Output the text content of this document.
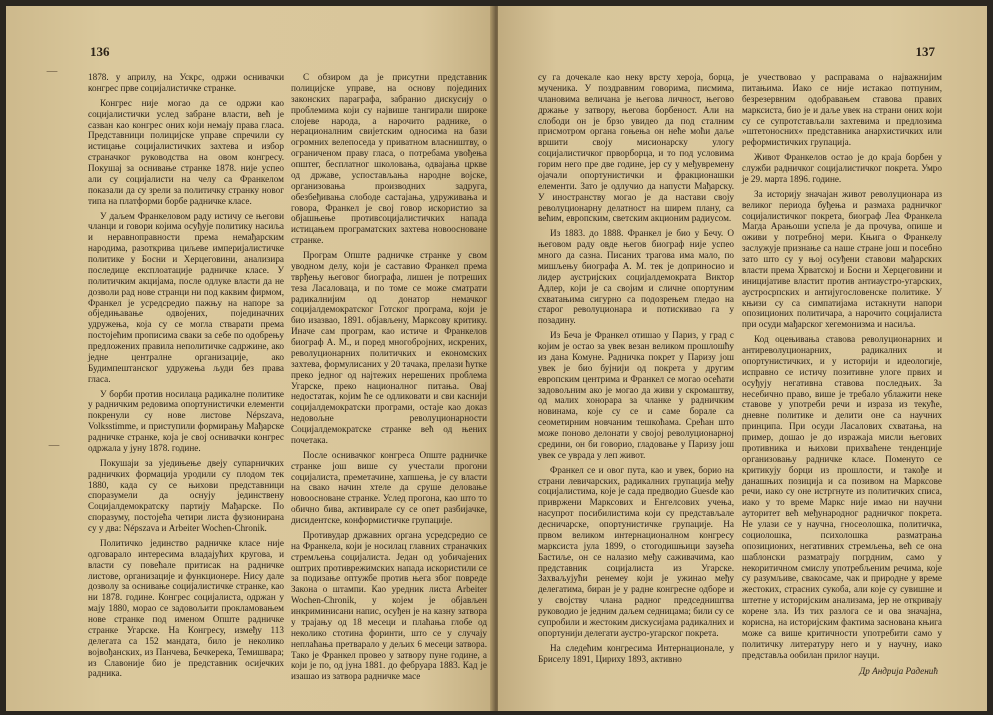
136
—
—

1878. у априлу, на Ускрс, одржи оснивачки конгрес прве социјалистичке странке.

Конгрес није могао да се одржи као социјалистички услед забране власти, већ је сазван као конгрес оних који немају права гласа. Представници полицијске управе спречили су истицање социјалистичких захтева и избор страначког руководства на овом конгресу. Покушај за оснивање странке 1878. није успео али су социјалисти на челу са Франкелом показали да су зрели за политичку странку новог типа на платформи борбе радничке класе.

У даљем Франкеловом раду истичу се његови чланци и говори којима осуђује политику насиља и неравноправности према немађарским народима, разоткрива циљеве империјалистичке политике у Босни и Херцеговини, анализира последице експлоатације радничке класе. У политичким акцијама, после одлуке власти да не дозволи рад нове странци ни под каквим фирмом, Франкел је усредсредио пажњу на напоре за обједињавање одвојених, појединачних удружења, која су се могла стварати према постојећим прописима сваки за себе по одобрењу предложених правила неполитичке садржине, ако једне централне организације, ако Будимпештанског удружења људи без права гласа.

У борби против носилаца радикалне политике у радничким редовима опортунистички елементи покренули су нове листове Népszava, Volksstimme, и приступили формирању Мађарске радничке странке, која је свој оснивачки конгрес одржала у јуну 1878. године.

Покушаји за уједињење двеју супарничких радничких формација уродили су плодом тек 1880, када су се њихови представници споразумели да оснују јединствену Социјалдемократску партију Мађарске. По споразуму, постојећа четири листа фузионирана су у два: Népszava и Arbeiter Wochen-Chronik.

Политичко јединство радничке класе није одговарало интересима владајућих кругова, и власти су повећале притисак на радничке листове, организације и функционере. Нису дале дозволу за оснивање социјалистичке странке, као ни 1878. године. Конгрес социјалиста, одржан у мају 1880, морао се задовољити прокламовањем нове странке под именом Опште радничке странке Угарске. На Конгресу, између 113 делегата са 152 мандата, било је неколико војвођанских, из Панчева, Бечкерека, Темишвара; из Славоније био је представник осијечких радника.

С обзиром да је присутни представник полицијске управе, на основу појединих законских параграфа, забранио дискусију о проблемима који су највише тангирали широке слојеве народа, а нарочито раднике, о нерационалним свијетским односима на бази огромних велепоседа у приватном власништву, о ограниченом праву гласа, о потребама увођења општег, бесплатног школовања, одвајања цркве од државе, успостављања народне војске, организовања производних задруга, обезбеђивања слободе састајања, удруживања и говора, Франкел је свој говор искористио за објашњење противсоцијалистичких напада истицањем програматских захтева новоосноване странке.

Програм Опште радничке странке у свом уводном делу, који је саставио Франкел према тврђењу његовог биографа, лишен је потреших теза Ласаловаца, и по томе се може сматрати радикалнијим од донатор немачког социјалдемократског Готског програма, који је био изазвао, 1891. објављену, Марксову критику. Иначе сам програм, као истиче и Франкелов биограф А. М., и поред многобројних, искрених, револуционарних политичких и економских захтева, формулисаних у 20 тачака, прелази ћутке преко једног од најтежих нерешених проблема Угарске, преко националног питања. Овај недостатак, којим ће се одликовати и сви каснији социјалдемократски програми, остаје као доказ недовољне револуционарности Социјалдемократске странке већ од њених почетака.

После оснивачког конгреса Опште радничке странке још више су учестали прогони социјалиста, преметачине, хапшења, је су власти на свако начин хтеле да сруше деловање новооснованe странке. Услед прогона, као што то обично бива, активирале су се опет разбијачке, дисидентске, конформистичке групације.

Противудар државних органа усредсредио се на Франкела, који је носилац главних страначких стремљења социјалиста. Један од уобичајених оштрих противрежимских напада искористили се за подизање оптужбе против њега због повреде Закона о штампи. Као уредник листа Arbeiter Wochen-Chronik, у којем је објављен инкриминисани напис, осуђен је на казну затвора у трајању од 18 месеци и плаћања глобе од неколико стотина форинти, што се у случају неплаћања претварало у дељих 6 месеци затвора. Тако је Франкел провео у затвору пуне године, а који је по, од јуна 1881. до фебруара 1883. Кад је изашао из затвора радничке масе

137

су га дочекале као неку врсту хероја, борца, мученика. У поздравним говорима, писмима, члановима величана је његова личност, његово држање у затвору, његова борбеност. Али на слободи он је брзо увидео да под сталним присмотром органа гоњења он неће моћи даље вршити своју мисионарску улогу социјалистичког прворборца, и то под условима горим него пре две године, јер су у међувремену ојачали опортунистички и фракционашки елементи. Зато је одлучио да напусти Мађарску. У иностранству могао је да настави своју револуционарну делатност на ширем плану, са већим, европским, светским акционим радиусом.

Из 1883. до 1888. Франкел је био у Бечу. О његовом раду овде његов биограф није успео много да сазна. Писаних трагова има мало, по мишљењу биографа А. М. тек је доприносио и лидер аустријских социјалдемократа Виктор Адлер, који је са својим и сличне опортуним схватањима сигурно са подозрењем гледао на старог револуционара и потискивао га у позадину.

Из Беча је Франкел отишао у Париз, у град с којим је остао за увек везан великом прошлошћу из дана Комуне. Радничка покрет у Паризу још увек је био бујнији од покрета у другим европским центрима и Франкел се могао осећати задовољним ако је могао да живи у скромаштву, од малих хонорара за чланке у радничким новинама, које су се и саме борале са сеометирним новчаним тешкоћама. Срећан што може поново делонати у својој револуционарној средини, он би говорио, гладовање у Паризу још увек се уврада у леп живот.

Франкел се и овог пута, као и увек, борио на страни левичарских, радикалних групација међу социјалистима, које је сада предводио Guesde као привржени Марксових и Енгелсових учења, насупрот посибилистима који су представљале десничарске, опортунистичке групације. На првом великом интернационалном конгресу марксиста јула 1899, о стогодишњици заузећа Бастиље, он се налазио међу саживачима, као представник социјалиста из Угарске. Захваљујући ренемеу који је ужинао међу делегатима, биран је у радне конгресне одборе и у својству члана радног председништва руководио је једним даљем седницама; били су се супробили и жестоким дискусијама радикалних и опортунији делегати аустро-угарског покрета.

На следећим конгресима Интернационале, у Бриселу 1891, Цириху 1893, активно

је учествовао у расправама о најважнијим питањима. Иако се није истакао потпуним, безрезервним одобравањем ставова правих марксиста, био је и даље увек на страни оних који су се супротстављали захтевима и предлозима »штетоносних« представника анархистичких или реформистичких групација.

Живот Франкелов остао је до краја борбен у служби радничког социјалистичког покрета. Умро је 29. марта 1896. године.

За историју значајан живот револуционара из великог периода буђења и размаха радничког социјалистичког покрета, биограф Леа Франкела Магда Арањоши успела је да прочува, опише и оживи у потребној мери. Књига о Франкелу заслужује признање са нашe стране још и посебно зато што су у њој осуђени ставови мађарских власти према Хрватској и Босни и Херцеговини и иницијативе властит против антиаустро-угарских, аустросрпских и антијугословенске политике. У књизи су са симпатијама истакнути напори опозиционих политичара, а нарочито социјалиста при осуди мађарског хегемонизма и насиља.

Код оцењивања ставова револуционарних и антиреволуционарних, радикалних и опортунистичких, и у историји и идеологије, исправно се истичу позитивне улоге првих и осуђују негативна ставова последњих. За несебично право, више је требало ублажити неке ставове у употреби речи и израза из текуће, дневне политике и делити оне са научних принципа. При осуди Ласалових схватања, на пример, дошао је до изражаја мисли његових противника и њихови прихваћене тенденције организовању радничке класе. Поменуто се критикују борци из прошлости, и такође и данашњих позиција и са позивом на Марксове речи, иако су оне истргнуте из политичких списа, иако у то време Маркс није имао ни научни ауторитет већ међународног радничког покрета. Не улази се у научна, гносеолошка, политичка, социолошка, психолошка разматрања опозиционих, негативних стремљења, већ се она шаблонски разматрају погрдним, само у некоритичном смислу употребљеним речима, које су разумљиве, свакосаме, чак и природне у време жестоких, страсних сукоба, али које су сувишне и штетне у историјским анализама, јер не откривају корене зла. Из тих разлога се и ова значајна, корисна, на историјским фактима заснована књига може са више критичности употребити само у политичку литературу него и у научну, иако представља ообилан прилог науци.

Др Андрија Раденић
